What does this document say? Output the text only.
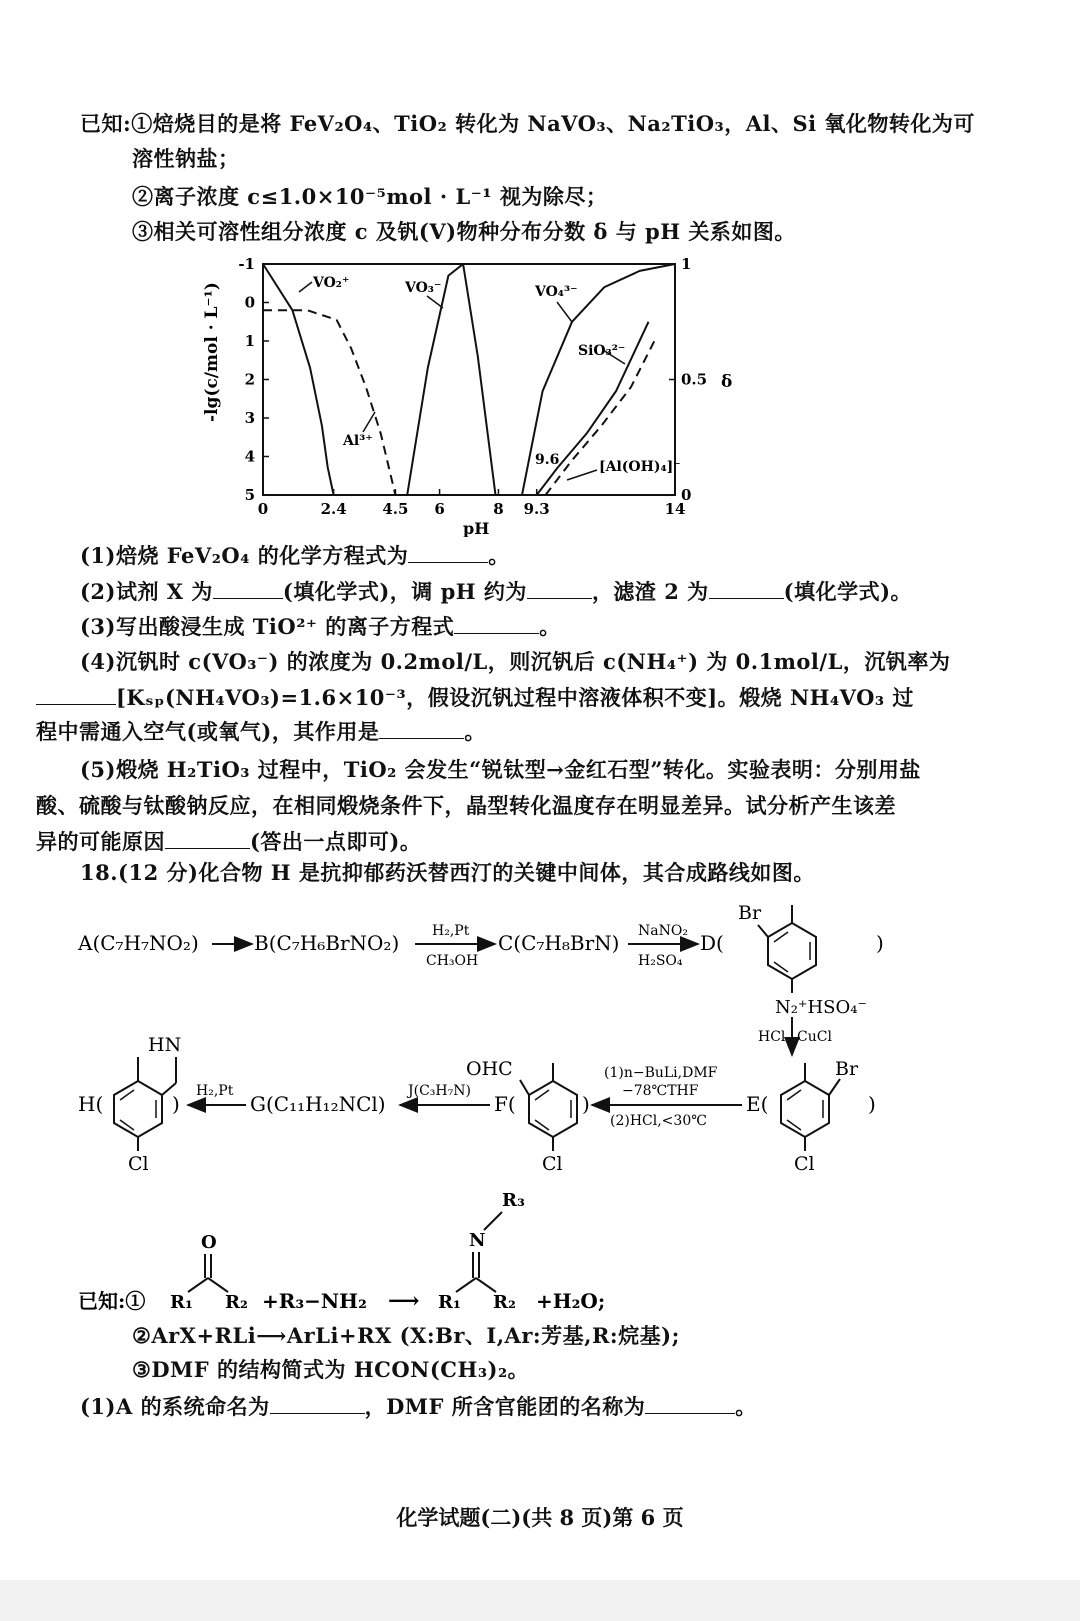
已知:①焙烧目的是将 FeV₂O₄、TiO₂ 转化为 NaVO₃、Na₂TiO₃，Al、Si 氧化物转化为可
溶性钠盐；
②离子浓度 c≤1.0×10⁻⁵mol · L⁻¹ 视为除尽；
③相关可溶性组分浓度 c 及钒(V)物种分布分数 δ 与 pH 关系如图。
-1
0
1
2
3
4
5
1
0.5
0
0	2.4 4.5 6	8 9.3	14
-lg(c/mol · L⁻¹)	δ
pH
VO₂⁺	VO₃⁻	VO₄³⁻
SiO₃²⁻
Al³⁺
9.6	[Al(OH)₄]⁻
(1)焙烧 FeV₂O₄ 的化学方程式为	。
(2)试剂 X 为	(填化学式)，调 pH 约为	，滤渣 2 为	(填化学式)。
(3)写出酸浸生成 TiO²⁺ 的离子方程式	。
(4)沉钒时 c(VO₃⁻) 的浓度为 0.2mol/L，则沉钒后 c(NH₄⁺) 为 0.1mol/L，沉钒率为
[Kₛₚ(NH₄VO₃)=1.6×10⁻³，假设沉钒过程中溶液体积不变]。煅烧 NH₄VO₃ 过
程中需通入空气(或氧气)，其作用是	。
(5)煅烧 H₂TiO₃ 过程中，TiO₂ 会发生“锐钛型→金红石型”转化。实验表明：分别用盐
酸、硫酸与钛酸钠反应，在相同煅烧条件下，晶型转化温度存在明显差异。试分析产生该差
异的可能原因	(答出一点即可)。
18.(12 分)化合物 H 是抗抑郁药沃替西汀的关键中间体，其合成路线如图。
A(C₇H₇NO₂)	B(C₇H₆BrNO₂) H₂,Pt
CH₃OH
C(C₇H₈BrN) NaNO₂
H₂SO₄
D(
Br
N₂⁺HSO₄⁻
)
HCl CuCl
E(
Br
Cl
)
(1)n−BuLi,DMF
−78℃THF
(2)HCl,<30℃
F(
OHC
Cl
)
J(C₃H₇N)
G(C₁₁H₁₂NCl)
H₂,Pt
H(
HN
Cl
)
已知:① R₁
O
R₂ +R₃−NH₂ ⟶ R₁
N
R₃
R₂ +H₂O;
②ArX+RLi⟶ArLi+RX (X:Br、I,Ar:芳基,R:烷基);
③DMF 的结构简式为 HCON(CH₃)₂。
(1)A 的系统命名为	，DMF 所含官能团的名称为	。
化学试题(二)(共 8 页)第 6 页
